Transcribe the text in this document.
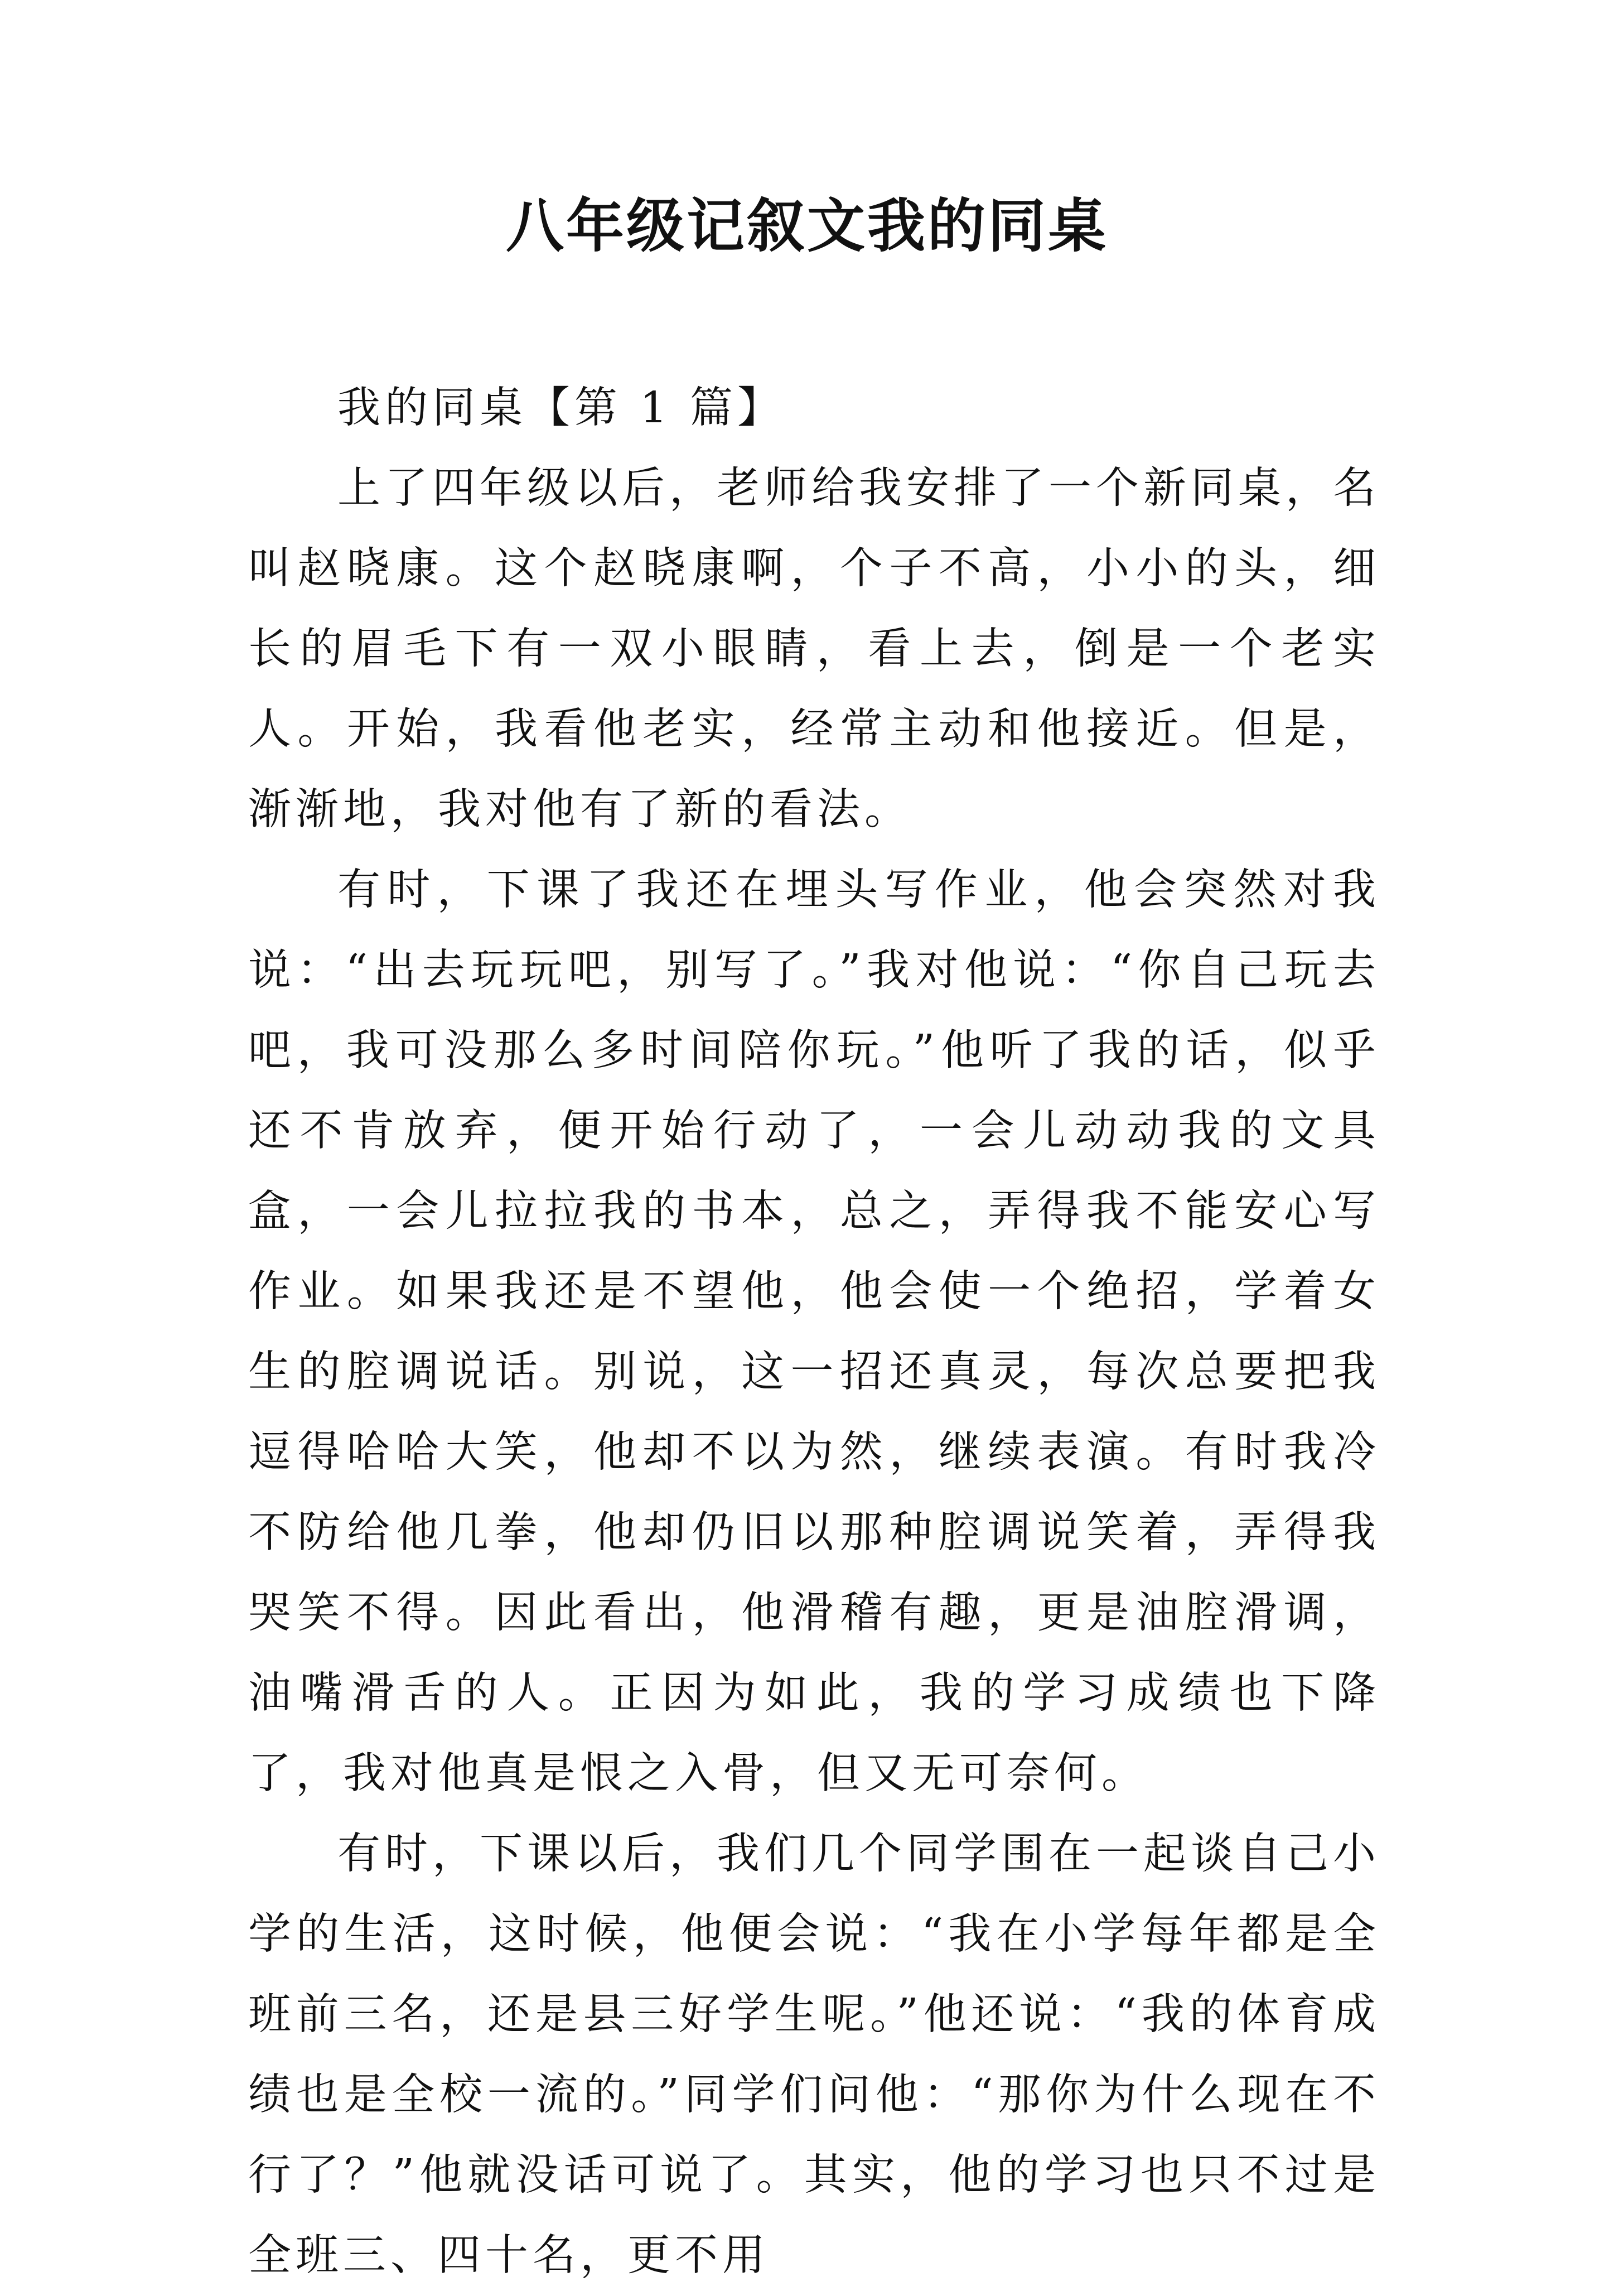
八年级记叙文我的同桌

我的同桌【第 1 篇】

上了四年级以后，老师给我安排了一个新同桌，名叫赵晓康。这个赵晓康啊，个子不高，小小的头，细长的眉毛下有一双小眼睛，看上去，倒是一个老实人。开始，我看他老实，经常主动和他接近。但是，渐渐地，我对他有了新的看法。

有时，下课了我还在埋头写作业，他会突然对我说：“出去玩玩吧，别写了。”我对他说：“你自己玩去吧，我可没那么多时间陪你玩。”他听了我的话，似乎还不肯放弃，便开始行动了，一会儿动动我的文具盒，一会儿拉拉我的书本，总之，弄得我不能安心写作业。如果我还是不望他，他会使一个绝招，学着女生的腔调说话。别说，这一招还真灵，每次总要把我逗得哈哈大笑，他却不以为然，继续表演。有时我冷不防给他几拳，他却仍旧以那种腔调说笑着，弄得我哭笑不得。因此看出，他滑稽有趣，更是油腔滑调，油嘴滑舌的人。正因为如此，我的学习成绩也下降了，我对他真是恨之入骨，但又无可奈何。

有时，下课以后，我们几个同学围在一起谈自己小学的生活，这时候，他便会说：“我在小学每年都是全班前三名，还是县三好学生呢。”他还说：“我的体育成绩也是全校一流的。”同学们问他：“那你为什么现在不行了？”他就没话可说了。其实，他的学习也只不过是全班三、四十名，更不用
